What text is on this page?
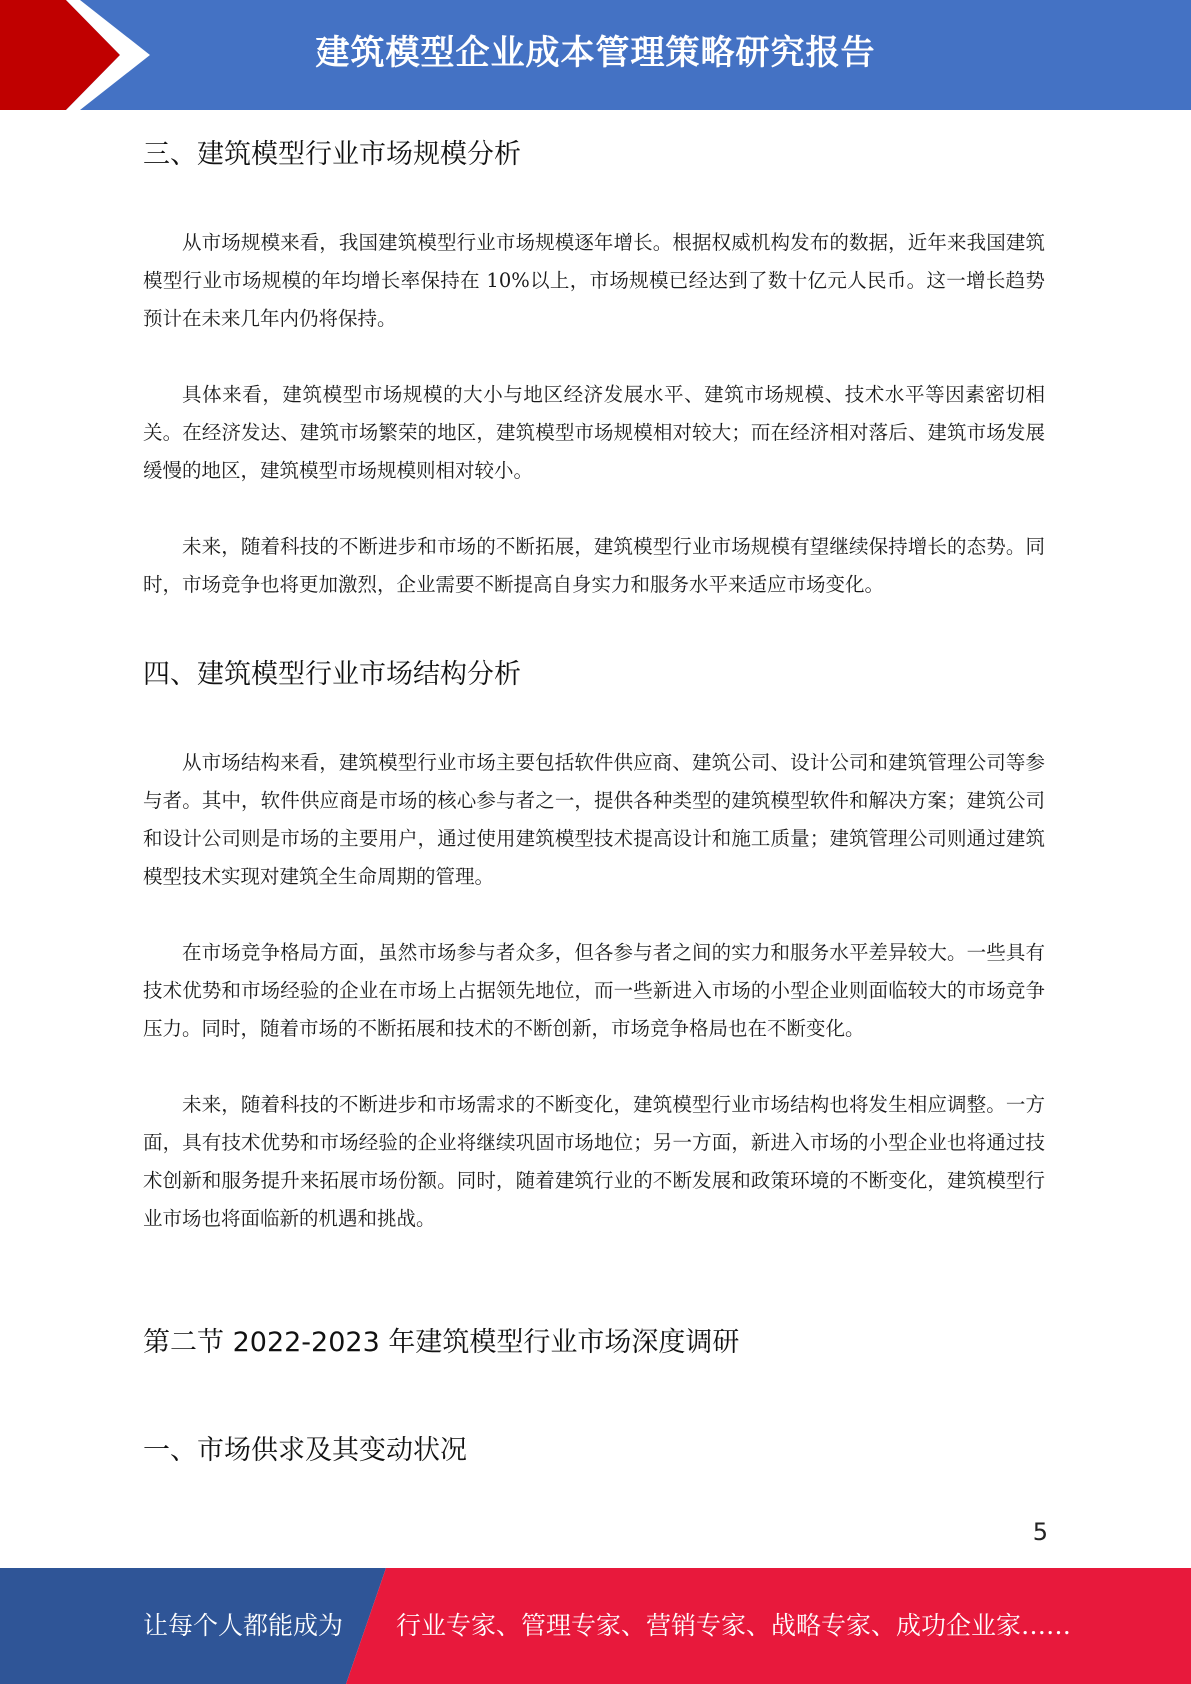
建筑模型企业成本管理策略研究报告
三、建筑模型行业市场规模分析

从市场规模来看，我国建筑模型行业市场规模逐年增长。根据权威机构发布的数据，近年来我国建筑模型行业市场规模的年均增长率保持在 10%以上，市场规模已经达到了数十亿元人民币。这一增长趋势预计在未来几年内仍将保持。

具体来看，建筑模型市场规模的大小与地区经济发展水平、建筑市场规模、技术水平等因素密切相关。在经济发达、建筑市场繁荣的地区，建筑模型市场规模相对较大；而在经济相对落后、建筑市场发展缓慢的地区，建筑模型市场规模则相对较小。

未来，随着科技的不断进步和市场的不断拓展，建筑模型行业市场规模有望继续保持增长的态势。同时，市场竞争也将更加激烈，企业需要不断提高自身实力和服务水平来适应市场变化。

四、建筑模型行业市场结构分析

从市场结构来看，建筑模型行业市场主要包括软件供应商、建筑公司、设计公司和建筑管理公司等参与者。其中，软件供应商是市场的核心参与者之一，提供各种类型的建筑模型软件和解决方案；建筑公司和设计公司则是市场的主要用户，通过使用建筑模型技术提高设计和施工质量；建筑管理公司则通过建筑模型技术实现对建筑全生命周期的管理。

在市场竞争格局方面，虽然市场参与者众多，但各参与者之间的实力和服务水平差异较大。一些具有技术优势和市场经验的企业在市场上占据领先地位，而一些新进入市场的小型企业则面临较大的市场竞争压力。同时，随着市场的不断拓展和技术的不断创新，市场竞争格局也在不断变化。

未来，随着科技的不断进步和市场需求的不断变化，建筑模型行业市场结构也将发生相应调整。一方面，具有技术优势和市场经验的企业将继续巩固市场地位；另一方面，新进入市场的小型企业也将通过技术创新和服务提升来拓展市场份额。同时，随着建筑行业的不断发展和政策环境的不断变化，建筑模型行业市场也将面临新的机遇和挑战。

第二节 2022-2023 年建筑模型行业市场深度调研
一、市场供求及其变动状况
5
让每个人都能成为 行业专家、管理专家、营销专家、战略专家、成功企业家……
